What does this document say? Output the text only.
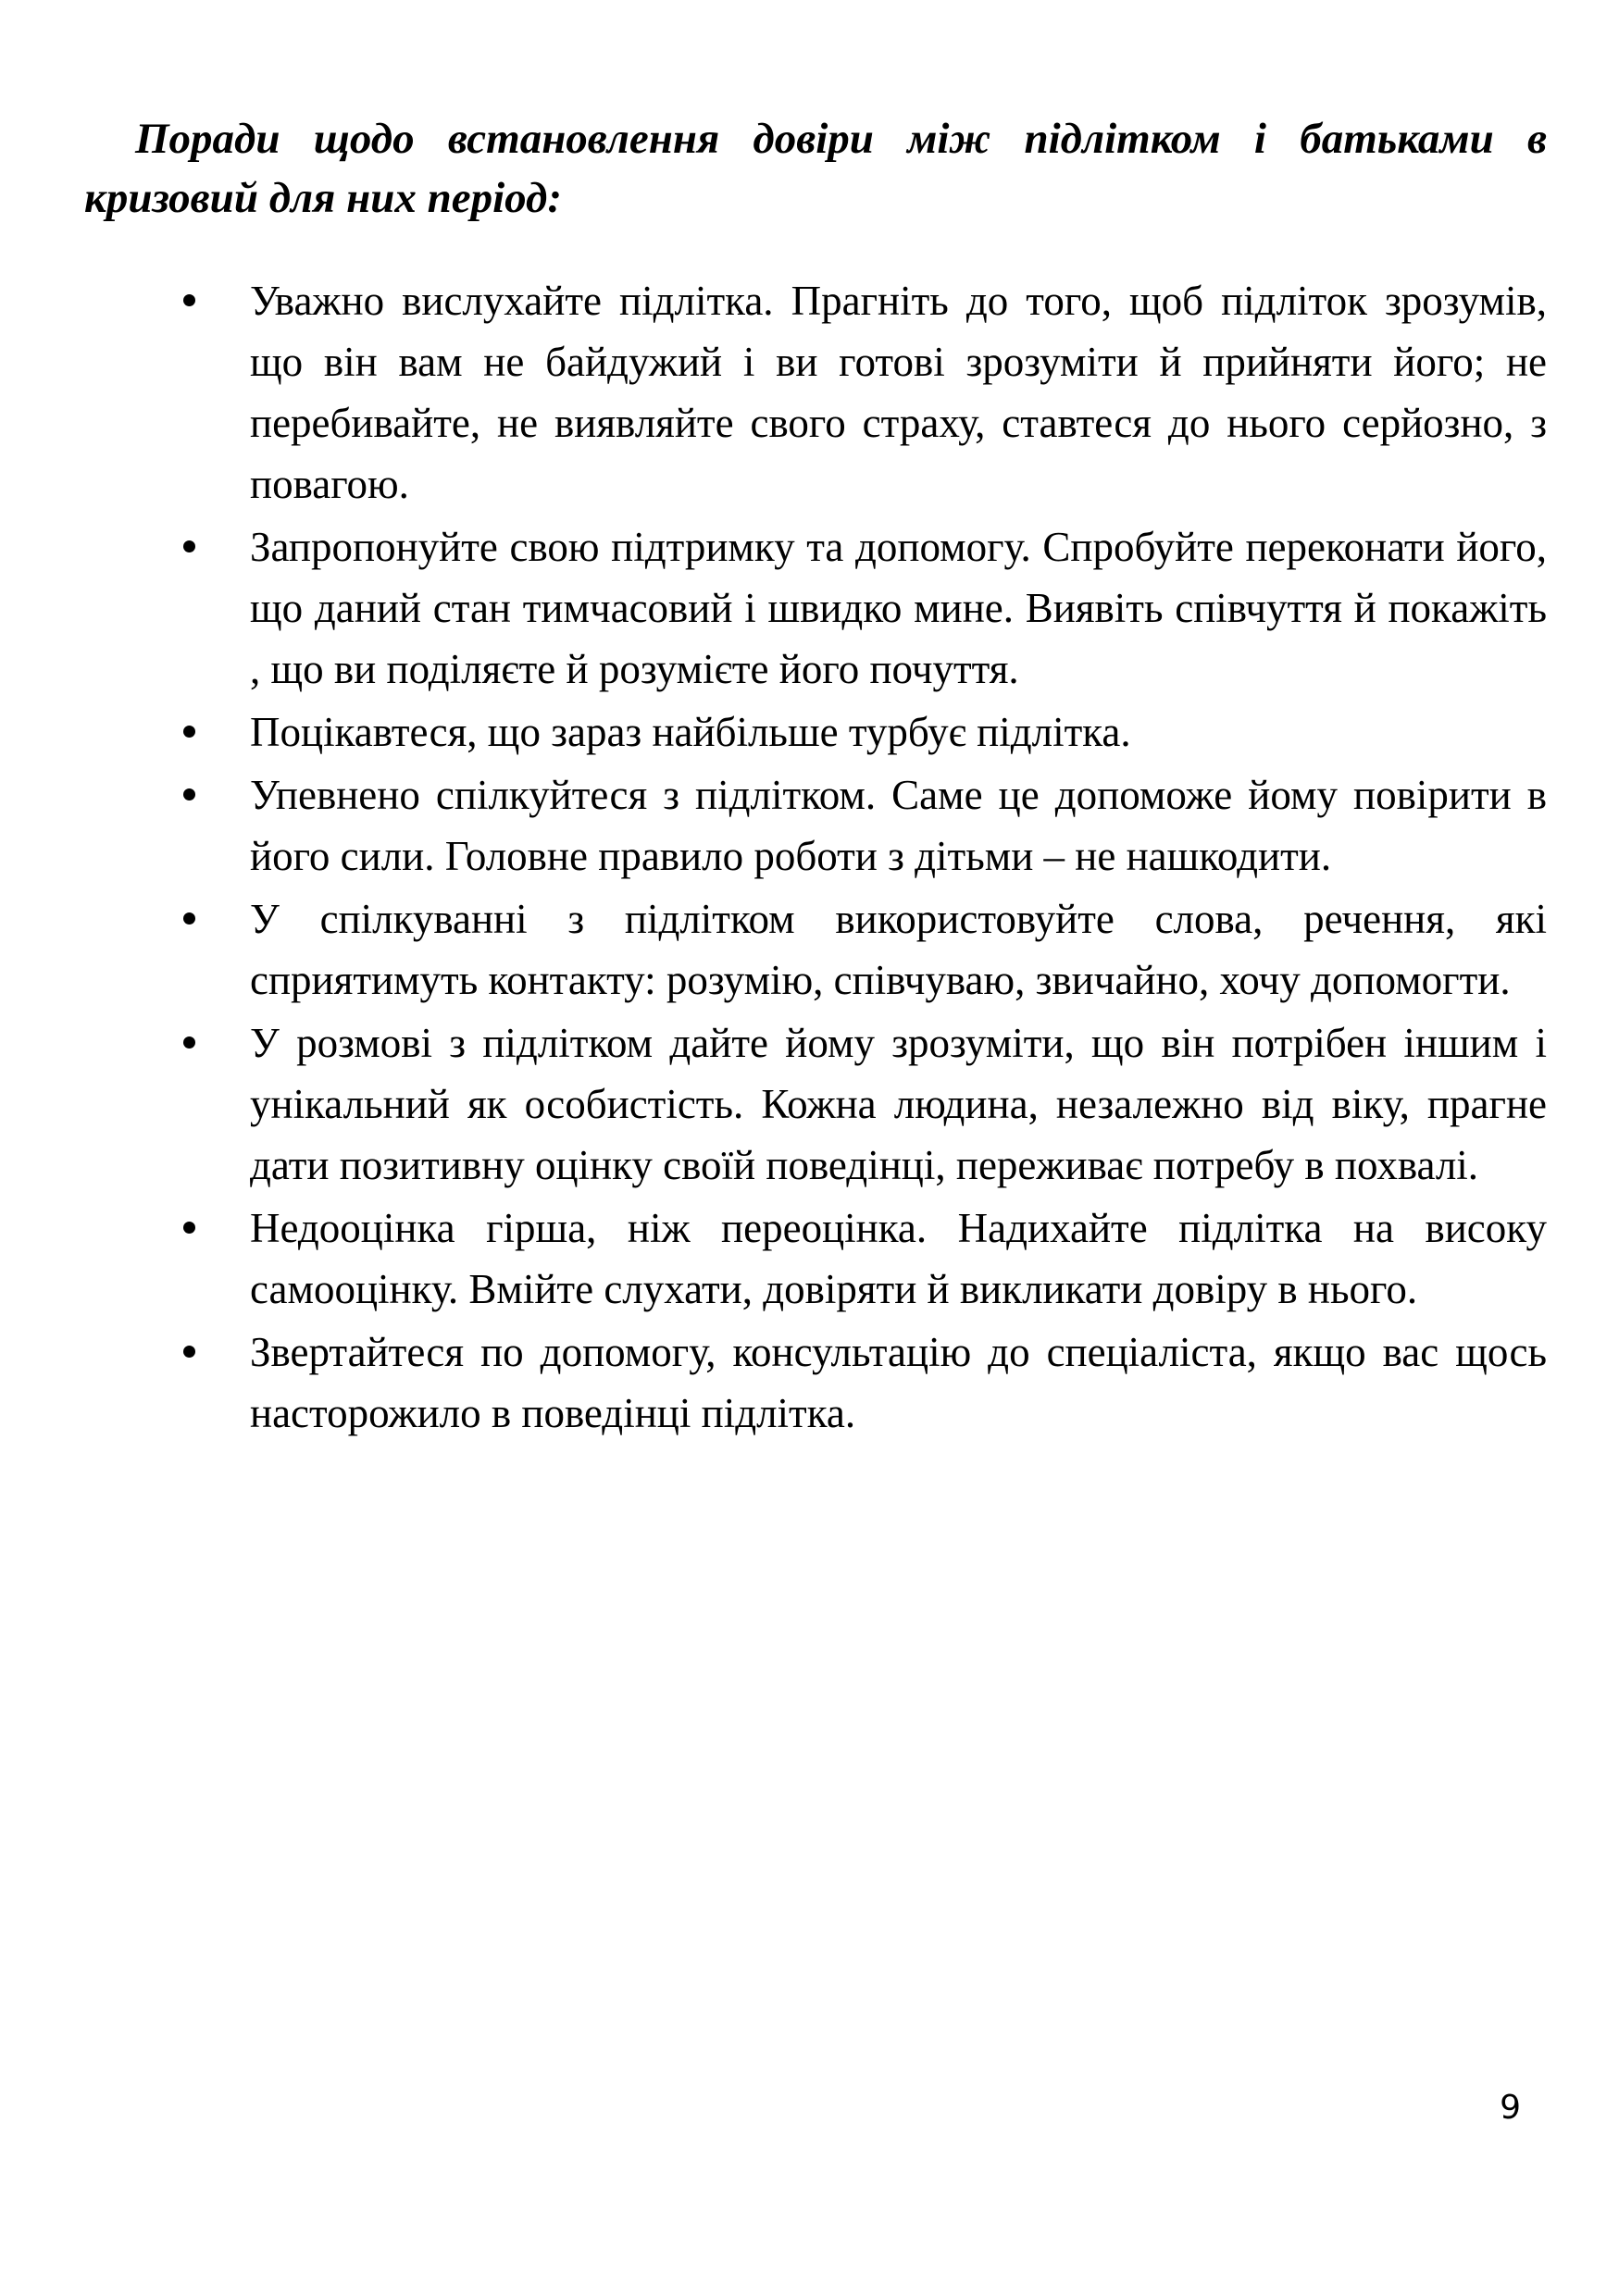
Поради щодо встановлення довіри між підлітком і батьками в кризовий для них період:

Уважно вислухайте підлітка. Прагніть до того, щоб підліток зрозумів, що він вам не байдужий і ви готові зрозуміти й прийняти його; не перебивайте, не виявляйте свого страху, ставтеся до нього серйозно, з повагою.
Запропонуйте свою підтримку та допомогу. Спробуйте переконати його, що даний стан тимчасовий і швидко мине. Виявіть співчуття й покажіть , що ви поділяєте й розумієте його почуття.
Поцікавтеся, що зараз найбільше турбує підлітка.
Упевнено спілкуйтеся з підлітком. Саме це допоможе йому повірити в його сили. Головне правило роботи з дітьми – не нашкодити.
У спілкуванні з підлітком використовуйте слова, речення, які сприятимуть контакту: розумію, співчуваю, звичайно, хочу допомогти.
У розмові з підлітком дайте йому зрозуміти, що він потрібен іншим і унікальний як особистість. Кожна людина, незалежно від віку, прагне дати позитивну оцінку своїй поведінці, переживає потребу в похвалі.
Недооцінка гірша, ніж переоцінка. Надихайте підлітка на високу самооцінку. Вмійте слухати, довіряти й викликати довіру в нього.
Звертайтеся по допомогу, консультацію до спеціаліста, якщо вас щось насторожило в поведінці підлітка.
9
